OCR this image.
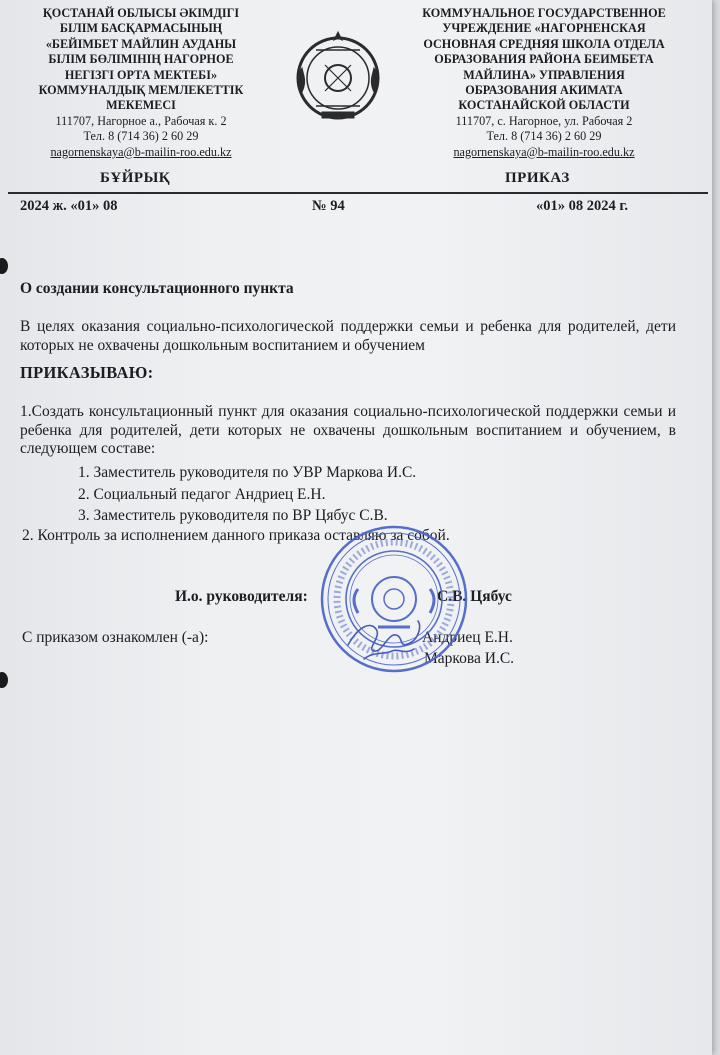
ҚОСТАНАЙ ОБЛЫСЫ ӘКІМДІГІ
БІЛІМ БАСҚАРМАСЫНЫҢ
«БЕЙІМБЕТ МАЙЛИН АУДАНЫ
БІЛІМ БӨЛІМІНІҢ НАГОРНОЕ
НЕГІЗГІ ОРТА МЕКТЕБІ»
КОММУНАЛДЫҚ МЕМЛЕКЕТТІК
МЕКЕМЕСІ
111707, Нагорное а., Рабочая к. 2
Тел. 8 (714 36) 2 60 29
nagornenskaya@b-mailin-roo.edu.kz
КОММУНАЛЬНОЕ ГОСУДАРСТВЕННОЕ
УЧРЕЖДЕНИЕ «НАГОРНЕНСКАЯ
ОСНОВНАЯ СРЕДНЯЯ ШКОЛА ОТДЕЛА
ОБРАЗОВАНИЯ РАЙОНА БЕИМБЕТА
МАЙЛИНА» УПРАВЛЕНИЯ
ОБРАЗОВАНИЯ АКИМАТА
КОСТАНАЙСКОЙ ОБЛАСТИ
111707, с. Нагорное, ул. Рабочая 2
Тел. 8 (714 36) 2 60 29
nagornenskaya@b-mailin-roo.edu.kz
БҰЙРЫҚ	ПРИКАЗ
2024 ж. «01» 08	№ 94	«01» 08 2024 г.
О создании консультационного пункта
В целях оказания социально-психологической поддержки семьи и ребенка для родителей, дети которых не охвачены дошкольным воспитанием и обучением
ПРИКАЗЫВАЮ:
1.Создать консультационный пункт для оказания социально-психологической поддержки семьи и ребенка для родителей, дети которых не охвачены дошкольным воспитанием и обучением, в следующем составе:
1. Заместитель руководителя по УВР Маркова И.С.
2. Социальный педагог Андриец Е.Н.
3. Заместитель руководителя по ВР Цябус С.В.
2. Контроль за исполнением данного приказа оставляю за собой.
И.о. руководителя:	С.В. Цябус
С приказом ознакомлен (-а):	Андриец Е.Н.
Маркова И.С.
